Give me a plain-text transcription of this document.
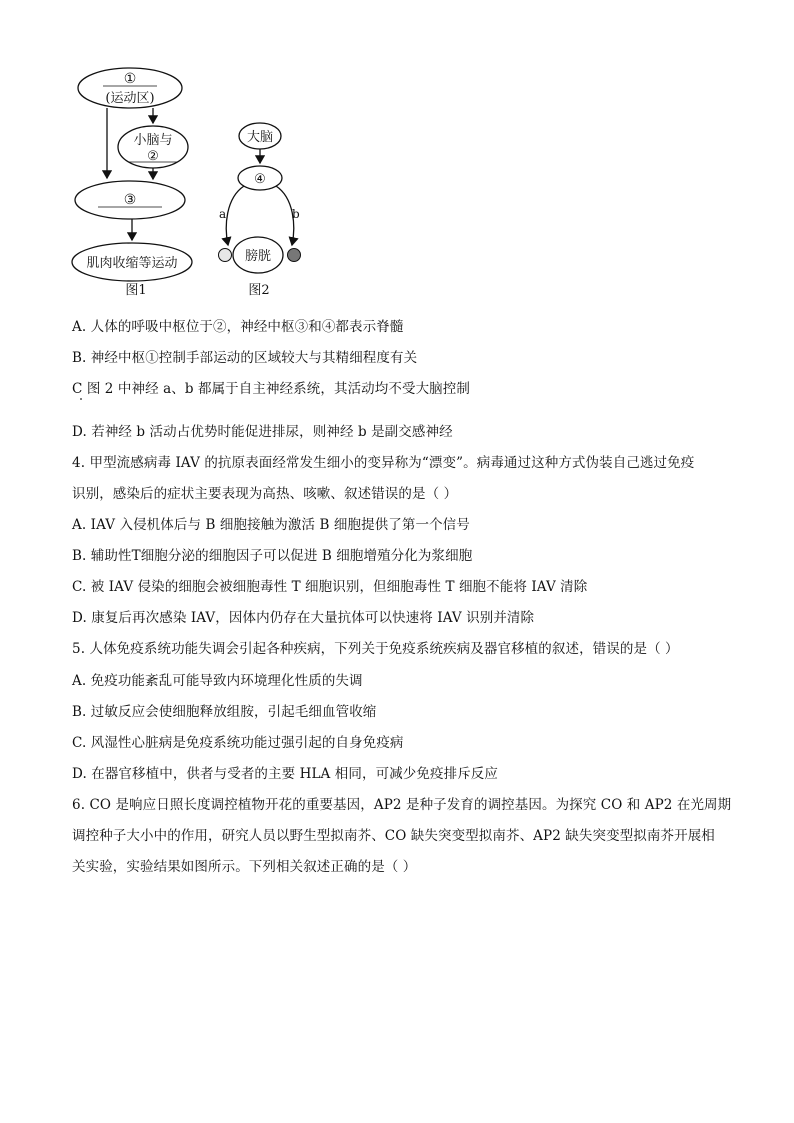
①
(运动区)
小脑与
②
③
肌肉收缩等运动
图1
大脑
④
a	b
膀胱
图2
A. 人体的呼吸中枢位于②，神经中枢③和④都表示脊髓
B. 神经中枢①控制手部运动的区域较大与其精细程度有关
C 图 2 中神经 a、b 都属于自主神经系统，其活动均不受大脑控制
D. 若神经 b 活动占优势时能促进排尿，则神经 b 是副交感神经
4. 甲型流感病毒 IAV 的抗原表面经常发生细小的变异称为“漂变”。病毒通过这种方式伪装自己逃过免疫
识别，感染后的症状主要表现为高热、咳嗽、叙述错误的是（ ）
A. IAV 入侵机体后与 B 细胞接触为激活 B 细胞提供了第一个信号
B. 辅助性T细胞分泌的细胞因子可以促进 B 细胞增殖分化为浆细胞
C. 被 IAV 侵染的细胞会被细胞毒性 T 细胞识别，但细胞毒性 T 细胞不能将 IAV 清除
D. 康复后再次感染 IAV，因体内仍存在大量抗体可以快速将 IAV 识别并清除
5. 人体免疫系统功能失调会引起各种疾病，下列关于免疫系统疾病及器官移植的叙述，错误的是（ ）
A. 免疫功能紊乱可能导致内环境理化性质的失调
B. 过敏反应会使细胞释放组胺，引起毛细血管收缩
C. 风湿性心脏病是免疫系统功能过强引起的自身免疫病
D. 在器官移植中，供者与受者的主要 HLA 相同，可减少免疫排斥反应
6. CO 是响应日照长度调控植物开花的重要基因，AP2 是种子发育的调控基因。为探究 CO 和 AP2 在光周期
调控种子大小中的作用，研究人员以野生型拟南芥、CO 缺失突变型拟南芥、AP2 缺失突变型拟南芥开展相
关实验，实验结果如图所示。下列相关叙述正确的是（ ）
